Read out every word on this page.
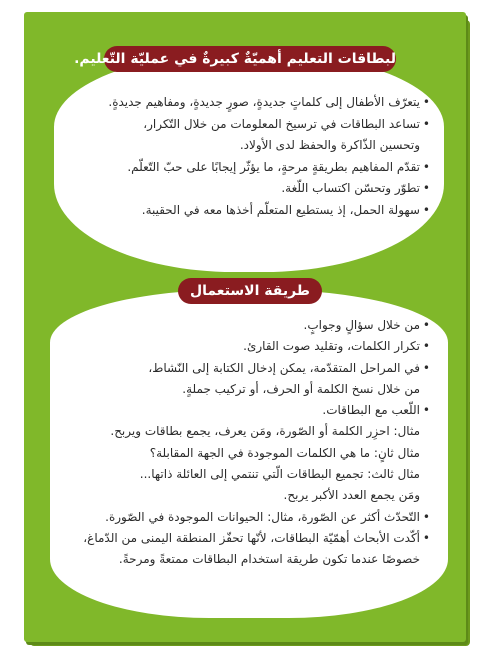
لبطاقات التعليم أهميّةٌ كبيرةٌ في عمليّة التّعليم.
• يتعرّف الأطفال إلى كلماتٍ جديدةٍ، صورٍ جديدةٍ، ومفاهيم جديدةٍ.
• تساعد البطاقات في ترسيخ المعلومات من خلال التّكرار،
وتحسين الذّاكرة والحفظ لدى الأولاد.
• تقدّم المفاهيم بطريقةٍ مرحةٍ، ما يؤثّر إيجابًا على حبّ التّعلّم.
• تطوّر وتحسّن اكتساب اللّغة.
• سهولة الحمل، إذ يستطيع المتعلّم أخذها معه في الحقيبة.
طريقة الاستعمال
• من خلال سؤالٍ وجوابٍ.
• تكرار الكلمات، وتقليد صوت القارئ.
• في المراحل المتقدّمة، يمكن إدخال الكتابة إلى النّشاط،
من خلال نسخ الكلمة أو الحرف، أو تركيب جملةٍ.
• اللّعب مع البطاقات.
مثال: احزِر الكلمة أو الصّورة، ومَن يعرف، يجمع بطاقات ويربح.
مثال ثانٍ: ما هي الكلمات الموجودة في الجهة المقابلة؟
مثال ثالث: تجميع البطاقات الّتي تنتمي إلى العائلة ذاتها...
ومَن يجمع العدد الأكبر يربح.
• التّحدّث أكثر عن الصّورة، مثال: الحيوانات الموجودة في الصّورة.
• أكّدت الأبحاث أهمّيّة البطاقات، لأنّها تحفّز المنطقة اليمنى من الدّماغ،
خصوصًا عندما تكون طريقة استخدام البطاقات ممتعةً ومرحةً.
